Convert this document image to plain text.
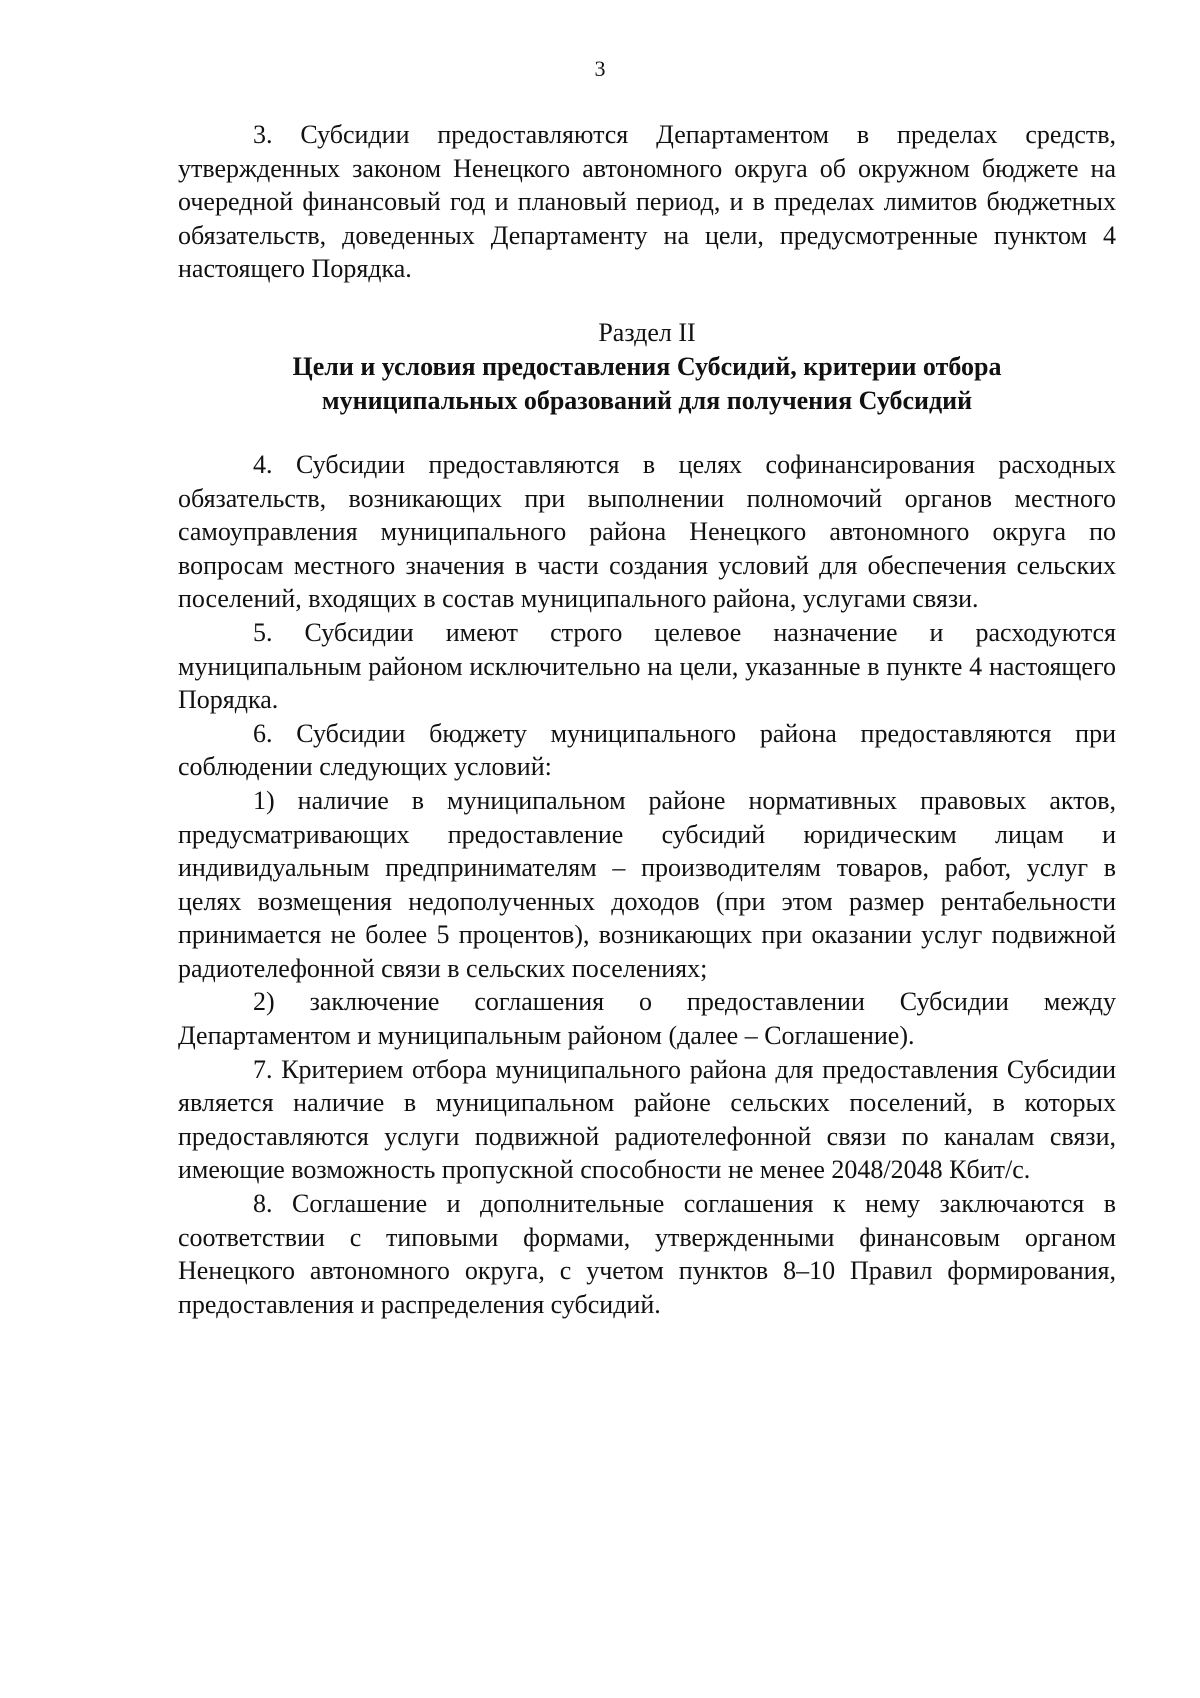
3

3. Субсидии предоставляются Департаментом в пределах средств, утвержденных законом Ненецкого автономного округа об окружном бюджете на очередной финансовый год и плановый период, и в пределах лимитов бюджетных обязательств, доведенных Департаменту на цели, предусмотренные пунктом 4 настоящего Порядка.

Раздел II
Цели и условия предоставления Субсидий, критерии отбора муниципальных образований для получения Субсидий

4. Субсидии предоставляются в целях софинансирования расходных обязательств, возникающих при выполнении полномочий органов местного самоуправления муниципального района Ненецкого автономного округа по вопросам местного значения в части создания условий для обеспечения сельских поселений, входящих в состав муниципального района, услугами связи.

5. Субсидии имеют строго целевое назначение и расходуются муниципальным районом исключительно на цели, указанные в пункте 4 настоящего Порядка.

6. Субсидии бюджету муниципального района предоставляются при соблюдении следующих условий:

1) наличие в муниципальном районе нормативных правовых актов, предусматривающих предоставление субсидий юридическим лицам и индивидуальным предпринимателям – производителям товаров, работ, услуг в целях возмещения недополученных доходов (при этом размер рентабельности принимается не более 5 процентов), возникающих при оказании услуг подвижной радиотелефонной связи в сельских поселениях;

2) заключение соглашения о предоставлении Субсидии между Департаментом и муниципальным районом (далее – Соглашение).

7. Критерием отбора муниципального района для предоставления Субсидии является наличие в муниципальном районе сельских поселений, в которых предоставляются услуги подвижной радиотелефонной связи по каналам связи, имеющие возможность пропускной способности не менее 2048/2048 Кбит/с.

8. Соглашение и дополнительные соглашения к нему заключаются в соответствии с типовыми формами, утвержденными финансовым органом Ненецкого автономного округа, с учетом пунктов 8–10 Правил формирования, предоставления и распределения субсидий.
